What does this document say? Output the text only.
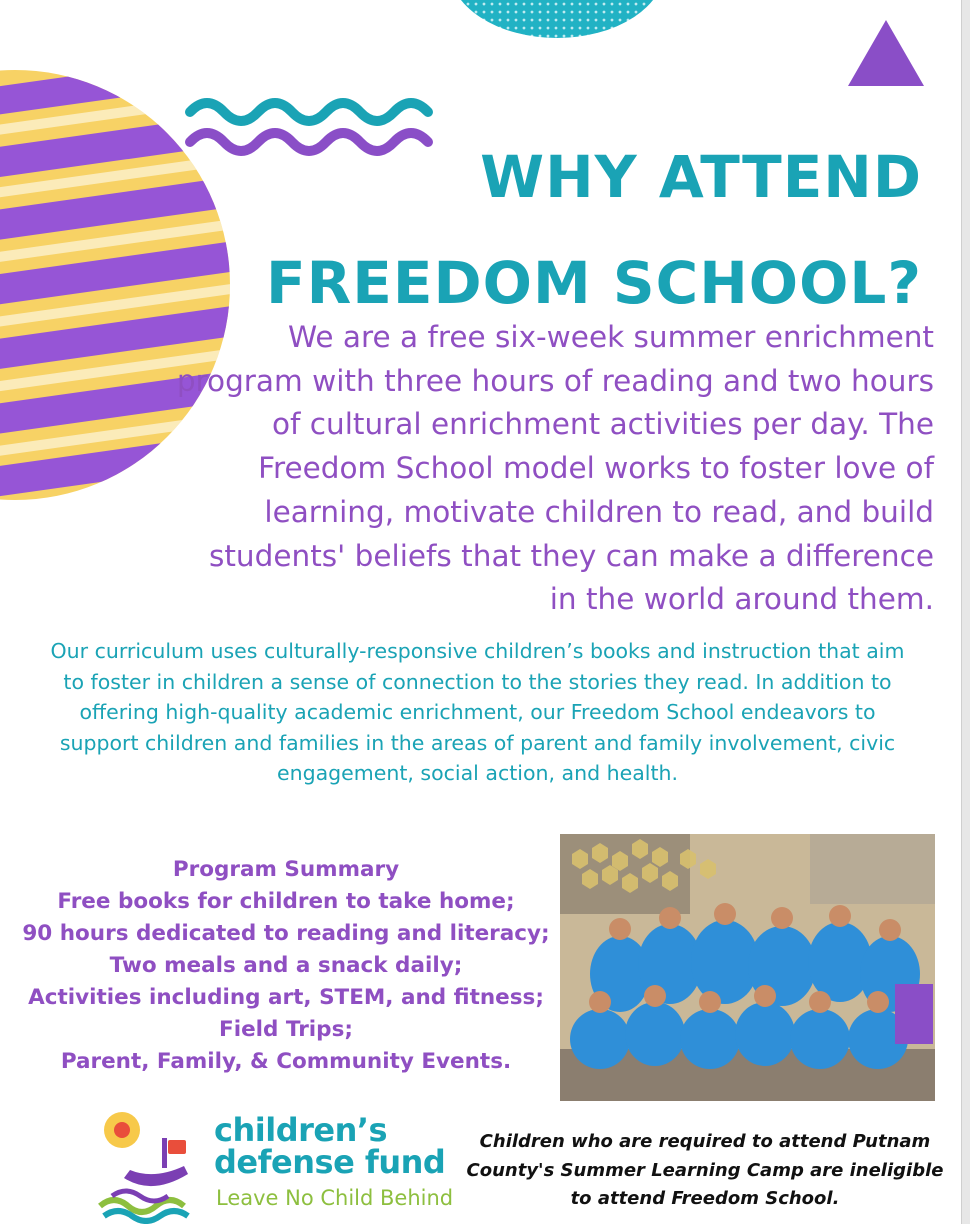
WHY ATTEND FREEDOM SCHOOL?

We are a free six-week summer enrichment program with three hours of reading and two hours of cultural enrichment activities per day. The Freedom School model works to foster love of learning, motivate children to read, and build students' beliefs that they can make a difference in the world around them.

Our curriculum uses culturally-responsive children’s books and instruction that aim to foster in children a sense of connection to the stories they read. In addition to offering high-quality academic enrichment, our Freedom School endeavors to support children and families in the areas of parent and family involvement, civic engagement, social action, and health.

Program Summary
Free books for children to take home;
90 hours dedicated to reading and literacy;
Two meals and a snack daily;
Activities including art, STEM, and fitness;
Field Trips;
Parent, Family, & Community Events.

children’s
defense fund

Leave No Child Behind

Children who are required to attend Putnam County's Summer Learning Camp are ineligible to attend Freedom School.
